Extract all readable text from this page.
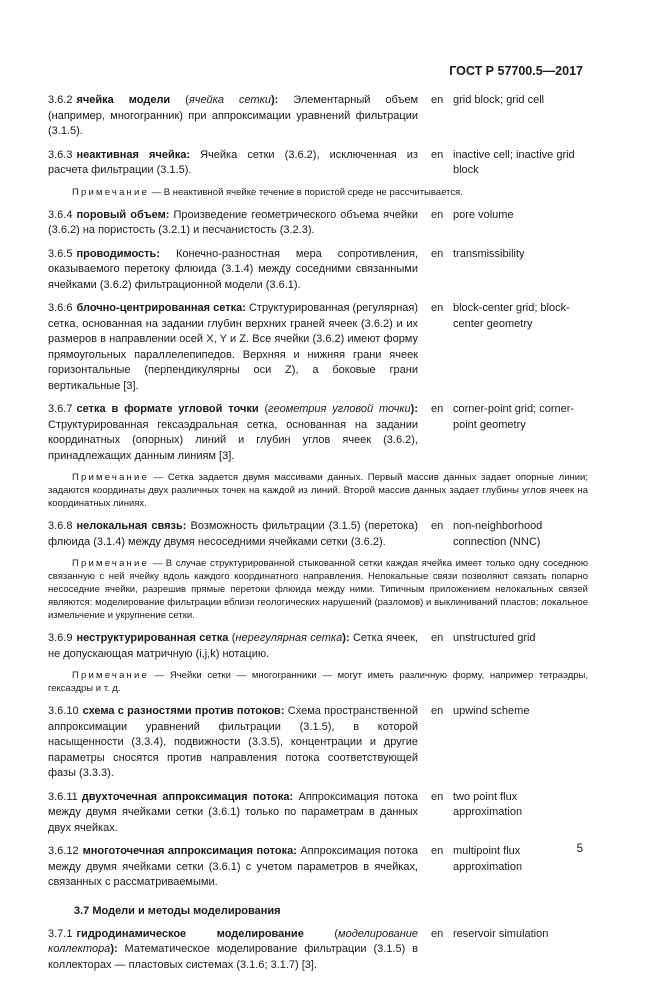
ГОСТ Р 57700.5—2017
3.6.2 ячейка модели (ячейка сетки): Элементарный объем (например, многогранник) при аппроксимации уравнений фильтрации (3.1.5).
en grid block; grid cell
3.6.3 неактивная ячейка: Ячейка сетки (3.6.2), исключенная из расчета фильтрации (3.1.5).
en inactive cell; inactive grid block
Примечание — В неактивной ячейке течение в пористой среде не рассчитывается.
3.6.4 поровый объем: Произведение геометрического объема ячейки (3.6.2) на пористость (3.2.1) и песчанистость (3.2.3).
en pore volume
3.6.5 проводимость: Конечно-разностная мера сопротивления, оказываемого перетоку флюида (3.1.4) между соседними связанными ячейками (3.6.2) фильтрационной модели (3.6.1).
en transmissibility
3.6.6 блочно-центрированная сетка: Структурированная (регулярная) сетка, основанная на задании глубин верхних граней ячеек (3.6.2) и их размеров в направлении осей X, Y и Z. Все ячейки (3.6.2) имеют форму прямоугольных параллелепипедов. Верхняя и нижняя грани ячеек горизонтальные (перпендикулярны оси Z), а боковые грани вертикальные [3].
en block-center grid; block-center geometry
3.6.7 сетка в формате угловой точки (геометрия угловой точки): Структурированная гексаэдральная сетка, основанная на задании координатных (опорных) линий и глубин углов ячеек (3.6.2), принадлежащих данным линиям [3].
en corner-point grid; corner-point geometry
Примечание — Сетка задается двумя массивами данных. Первый массив данных задает опорные линии; задаются координаты двух различных точек на каждой из линий. Второй массив данных задает глубины углов ячеек на координатных линиях.
3.6.8 нелокальная связь: Возможность фильтрации (3.1.5) (перетока) флюида (3.1.4) между двумя несоседними ячейками сетки (3.6.2).
en non-neighborhood connection (NNC)
Примечание — В случае структурированной стыкованной сетки каждая ячейка имеет только одну соседнюю связанную с ней ячейку вдоль каждого координатного направления. Нелокальные связи позволяют связать попарно несоседние ячейки, разрешив прямые перетоки флюида между ними. Типичным приложением нелокальных связей являются: моделирование фильтрации вблизи геологических нарушений (разломов) и выклиниваний пластов; локальное измельчение и укрупнение сетки.
3.6.9 неструктурированная сетка (нерегулярная сетка): Сетка ячеек, не допускающая матричную (i,j,k) нотацию.
en unstructured grid
Примечание — Ячейки сетки — многогранники — могут иметь различную форму, например тетраэдры, гексаэдры и т. д.
3.6.10 схема с разностями против потоков: Схема пространственной аппроксимации уравнений фильтрации (3.1.5), в которой насыщенности (3.3.4), подвижности (3.3.5), концентрации и другие параметры сносятся против направления потока соответствующей фазы (3.3.3).
en upwind scheme
3.6.11 двухточечная аппроксимация потока: Аппроксимация потока между двумя ячейками сетки (3.6.1) только по параметрам в данных двух ячейках.
en two point flux approximation
3.6.12 многоточечная аппроксимация потока: Аппроксимация потока между двумя ячейками сетки (3.6.1) с учетом параметров в ячейках, связанных с рассматриваемыми.
en multipoint flux approximation
3.7 Модели и методы моделирования
3.7.1 гидродинамическое моделирование (моделирование коллектора): Математическое моделирование фильтрации (3.1.5) в коллекторах — пластовых системах (3.1.6; 3.1.7) [3].
en reservoir simulation
5
